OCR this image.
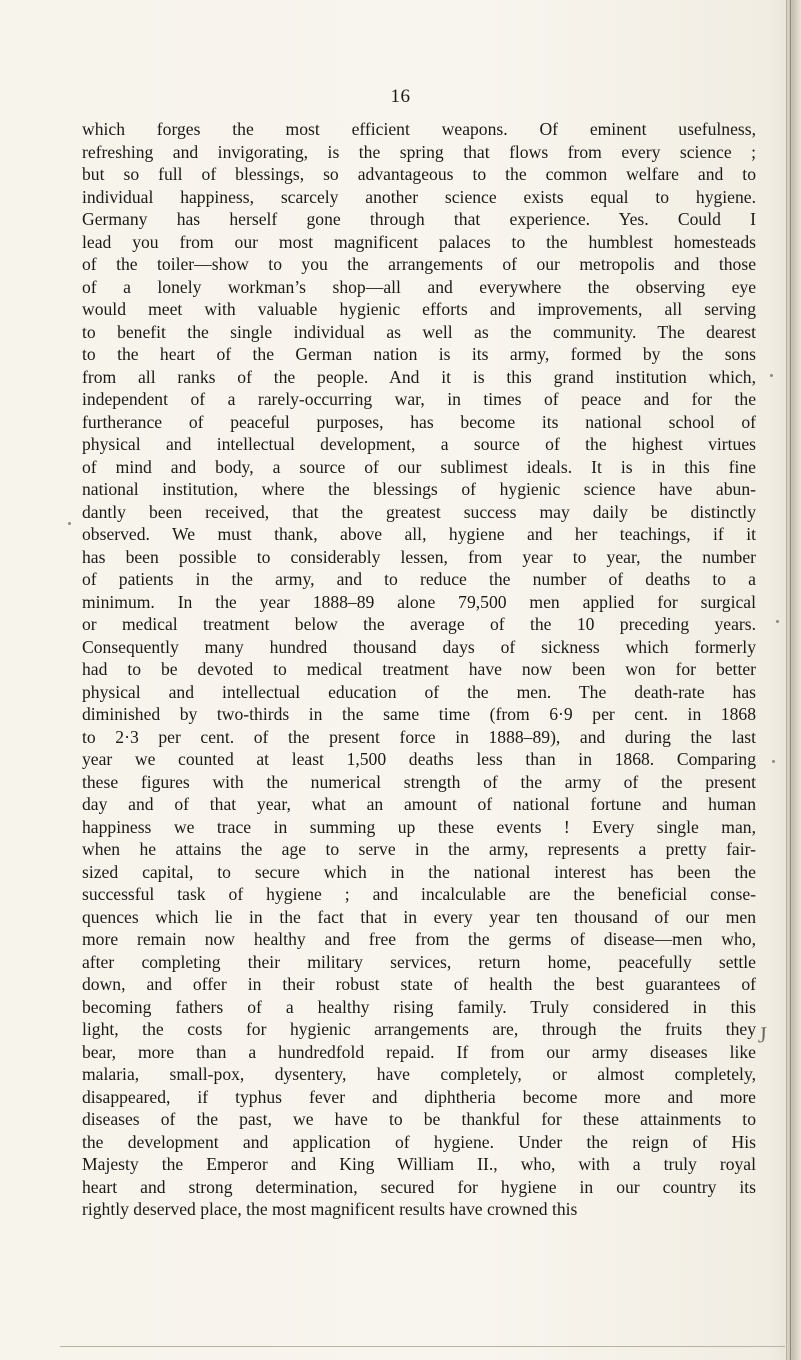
16
which forges the most efficient weapons. Of eminent usefulness,
refreshing and invigorating, is the spring that flows from every science ;
but so full of blessings, so advantageous to the common welfare and to
individual happiness, scarcely another science exists equal to hygiene.
Germany has herself gone through that experience. Yes. Could I
lead you from our most magnificent palaces to the humblest homesteads
of the toiler—show to you the arrangements of our metropolis and those
of a lonely workman’s shop—all and everywhere the observing eye
would meet with valuable hygienic efforts and improvements, all serving
to benefit the single individual as well as the community. The dearest
to the heart of the German nation is its army, formed by the sons
from all ranks of the people. And it is this grand institution which,
independent of a rarely-occurring war, in times of peace and for the
furtherance of peaceful purposes, has become its national school of
physical and intellectual development, a source of the highest virtues
of mind and body, a source of our sublimest ideals. It is in this fine
national institution, where the blessings of hygienic science have abun-
dantly been received, that the greatest success may daily be distinctly
observed. We must thank, above all, hygiene and her teachings, if it
has been possible to considerably lessen, from year to year, the number
of patients in the army, and to reduce the number of deaths to a
minimum. In the year 1888–89 alone 79,500 men applied for surgical
or medical treatment below the average of the 10 preceding years.
Consequently many hundred thousand days of sickness which formerly
had to be devoted to medical treatment have now been won for better
physical and intellectual education of the men. The death-rate has
diminished by two-thirds in the same time (from 6·9 per cent. in 1868
to 2·3 per cent. of the present force in 1888–89), and during the last
year we counted at least 1,500 deaths less than in 1868. Comparing
these figures with the numerical strength of the army of the present
day and of that year, what an amount of national fortune and human
happiness we trace in summing up these events ! Every single man,
when he attains the age to serve in the army, represents a pretty fair-
sized capital, to secure which in the national interest has been the
successful task of hygiene ; and incalculable are the beneficial conse-
quences which lie in the fact that in every year ten thousand of our men
more remain now healthy and free from the germs of disease—men who,
after completing their military services, return home, peacefully settle
down, and offer in their robust state of health the best guarantees of
becoming fathers of a healthy rising family. Truly considered in this
light, the costs for hygienic arrangements are, through the fruits they
bear, more than a hundredfold repaid. If from our army diseases like
malaria, small-pox, dysentery, have completely, or almost completely,
disappeared, if typhus fever and diphtheria become more and more
diseases of the past, we have to be thankful for these attainments to
the development and application of hygiene. Under the reign of His
Majesty the Emperor and King William II., who, with a truly royal
heart and strong determination, secured for hygiene in our country its
rightly deserved place, the most magnificent results have crowned this
J
